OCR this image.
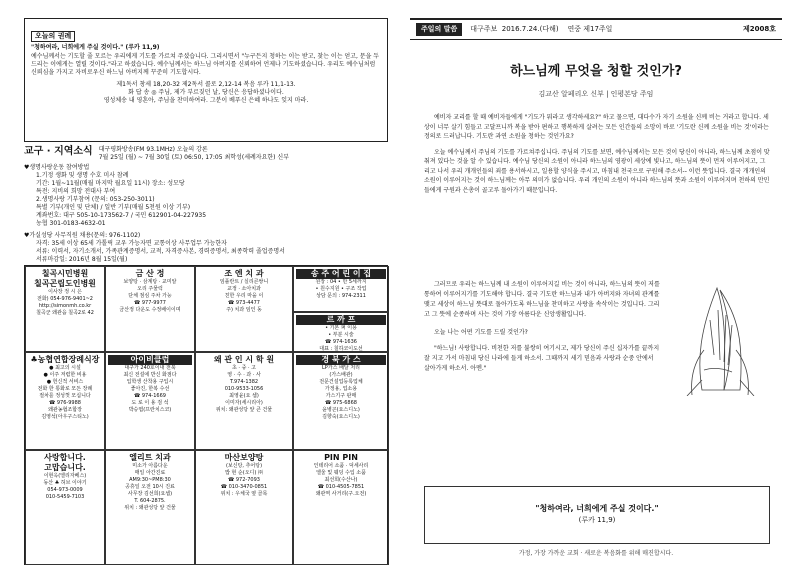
오늘의 권례
"청하여라, 너희에게 주실 것이다." (루카 11,9)
예수님께서는 기도할 줄 모르는 우리에게 기도를 가르쳐 주셨습니다. 그리시면서 "누구든지 청하는 이는 받고, 찾는 이는 얻고, 문을 두드리는 이에게는 열릴 것이다."라고 하셨습니다. 예수님께서는 하느님 아버지를 신뢰하여 언제나 기도하셨습니다. 우리도 예수님처럼 신뢰심을 가지고 자비로우신 하느님 아버지께 꾸준히 기도합시다.
제1독서 창세 18,20-32 제2독서 콜로 2,12-14 복음 루카 11,1-13.
화 답 송 ◎ 주님, 제가 부르짖던 날, 당신은 응답하셨나이다.
영성체송 내 영혼아, 주님을 찬미하여라. 그분이 베푸신 은혜 하나도 잊지 마라.
교구 · 지역소식 대구평화방송(FM 93.1MHz) 오늘의 강론
7월 25일 (월) ~ 7월 30일 (토) 06:50, 17:05 최학성(세례자요한) 신부
♥생명사랑운동 참여방법
1.기정 생화 및 생명 수호 미사 참례
기간: 1월~11월(매월 마지막 월요일 11시) 장소: 성모당
특전: 지비의 희망 전대사 부여
2.생명사랑 기부참여 (문의: 053-250-3011)
특별 기부(개인 및 단체) / 일반 기부(매월 5천원 이상 기부)
계좌번호: 대구 505-10-173562-7 / 국민 612901-04-227935
농협 301-0183-4632-01
♥가실성당 사무직원 채용(문의: 976-1102)
자격: 35세 이상 65세 가톨릭 교우 가능자면 교통이상 사무업무 가능한자
서류: 이력서, 자기소개서, 가족관계증명서, 교적, 자격증사본, 경력증명서, 최종학력 졸업증명서
서류마감일: 2016년 8월 15일(월)
칠곡시민병원
칠곡곤립도인병원
이사장 정 시 은
전화) 054-976-9401~2
http://simonmh.co.kr
칠곡군 왜관읍 칠곡2로 42
금 산 정
보양탕 · 삼계탕 · 교미알
오리 주물럭
단체 점심 주차 가능
☎ 977-9977
금산정 다운도 수정배이이며
조 엔 치 과
임플란트 / 실리콘쌍니
교정 · 소아치과
친한 우리 마을 이
☎ 973-4477
주) 치과 임인 동
송 주 어 린 이 집
원장 : 04 • 만 5세까지
• 원수지원 • 구조 작업
상담 문의 : 974-2311
르 까 프
• 기본 퍼 이용
• 부분 시술
☎ 974-1636
대표 : 칠하코이도선
♣농협연합장례식장
● 최고의 시설
● 이주 저렴한 비용
● 헌신적 서비스
전화 한 통화로 모든 장례
절차를 정성껏 모십니다
☎ 976-9988
왜관농협조합장
김영석(아우구스티노)
아이비클럽
대구가 240호이내 전북
최신 전설에 반신 화점다
입학생 산착용 구입시
좋아진, 한복 수선
☎ 974-1669
도 로 이 용 검 석
박승엽(프란치스코)
왜 관 인 시 학 원
초 · 중 · 고
영 · 수 · 과 · 사
T.974-1382
010-9533-1056
최영윤(요 셉)
이미자(세시리아)
위치: 왜관성당 앞 큰 건물
경 북 가 스
LP가스 배달 처리
(가스배관)
전문건설업등록업체
가정용, 업소용
가스기구 판매
☎ 975-6868
윤병곤(요스디노)
김향숙(요스디노)
사랑합니다.
고맙습니다.
이현옥(엘리자베스)
동산 ♣ 허브 이야기
054-973-0009
010-5459-7103
엘리트 치과
미소가 아름다운
매일 아간진료
AM9:30~PM8:30
공휴일 오전 10시 진료
사무장 김선희(요셉)
T. 604-2875.
위치 : 왜관성당 앞 건물
마산보양탕
(보신탕, 추어탕)
밥 현 순(오디) ㈜
☎ 972-7093
☎ 010-3470-0851
위치 : 우체국 옆 골목
PIN PIN
인테리어 소품 · 덕세사리
엘울 및 웨딩 수입 소품
최선희(수산나)
☎ 010-4505-7851
왜관역 사거리(구.오전)
주일의 말씀	대구주보  2016.7.24.(다해)    연중 제17주일	제2008호
하느님께 무엇을 청할 것인가?
김교산 알페리오 신부 | 인평본당 주임

예비자 교리를 할 때 예비자들에게 "기도가 뭐라고 생각하세요?" 하고 물으면, 대다수가 자기 소원을 신께 비는 거라고 합니다. 세상이 너무 살기 힘들고 고달프니까 복을 받아 편하고 행복하게 살려는 모든 인간들의 소망이 바로 '기도란 신께 소원을 비는 것'이라는 정의로 드러납니다. 기도란 과연 소원을 청하는 것인가요?

오늘 예수님께서 주님의 기도를 가르쳐주십니다. 주님의 기도를 보면, 예수님께서는 모든 것이 당신이 아니라, 하느님께 초점이 맞춰져 있다는 것을 알 수 있습니다. 예수님 당신의 소원이 아니라 하느님의 영광이 세상에 빛나고, 하느님의 뜻이 먼저 이루어지고, 그리고 나서 우리 개개인들의 죄를 용서하시고, 일용할 양식을 주시고, 마침내 천국으로 구원해 주소서-- 이런 뜻입니다. 결국 개개인의 소원이 이루어지는 것이 하느님께는 아무 의미가 없습니다. 우리 개인의 소원이 아니라 하느님의 뜻과 소원이 이루어지며 천하의 만민들에게 구원과 은총이 골고루 돌아가기 때문입니다.

그러므로 우리는 하느님께 내 소원이 이루어지길 비는 것이 아니라, 하느님의 뜻이 저를 통하여 이루어지기를 기도해야 합니다. 결국 기도란 하느님과 내가 아버지와 자녀의 관계를 맺고 세상이 하느님 뜻대로 돌아가도록 하느님을 찬미하고 사랑을 속삭이는 것입니다. 그리고 그 뜻에 순종하며 사는 것이 가장 아름다운 신앙생활입니다.

오늘 나는 어떤 기도를 드릴 것인가?

"하느님! 사랑합니다. 비천한 저를 불쌍히 여기시고, 제가 당신이 주신 십자가를 끝까지 잘 지고 가서 마침내 당신 나라에 들게 하소서. 그때까지 세기 믿음과 사랑과 순중 안에서 살아가게 하소서. 아멘."

"청하여라, 너희에게 주실 것이다."
(루카 11,9)
가정, 가장 가까운 교회 · 새로운 복음화를 위해 매진합시다.
